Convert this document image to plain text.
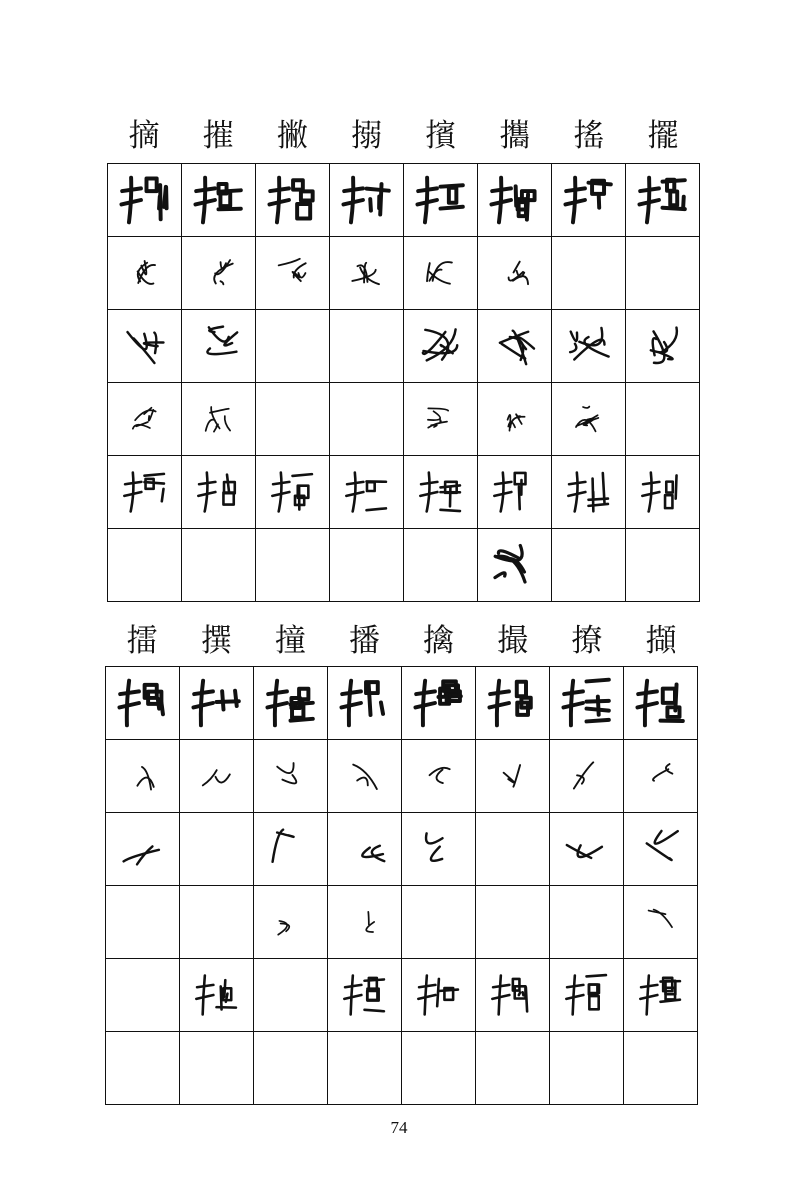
摘	摧	撇	搦	擯	攜	搖	擺
擂	撰	撞	播	擒	撮	撩	擷
74
